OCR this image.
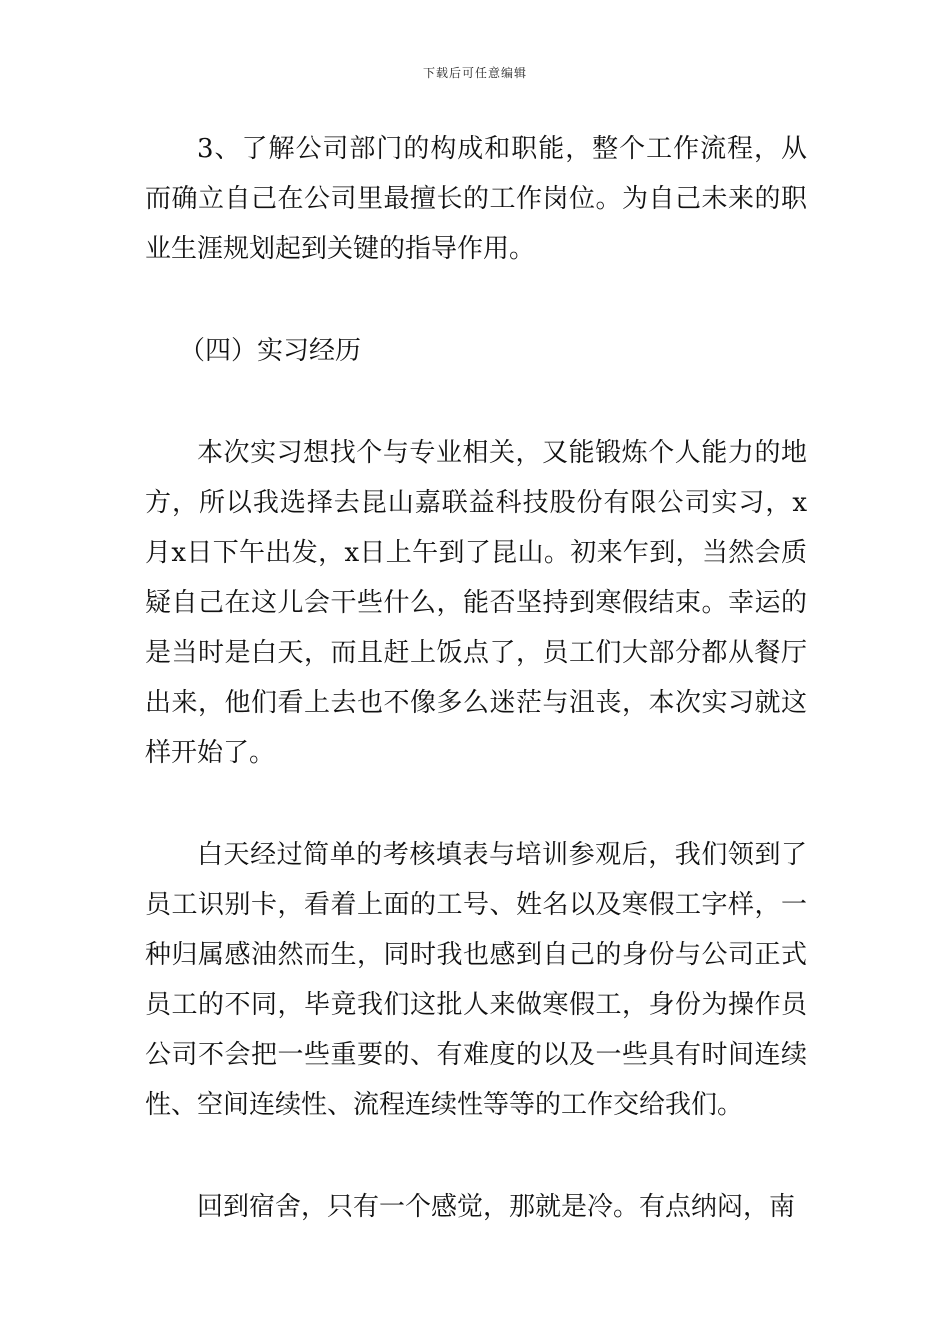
下载后可任意编辑

3、了解公司部门的构成和职能，整个工作流程，从而确立自己在公司里最擅长的工作岗位。为自己未来的职业生涯规划起到关键的指导作用。

（四）实习经历

本次实习想找个与专业相关，又能锻炼个人能力的地方，所以我选择去昆山嘉联益科技股份有限公司实习，x月x日下午出发，x日上午到了昆山。初来乍到，当然会质疑自己在这儿会干些什么，能否坚持到寒假结束。幸运的是当时是白天，而且赶上饭点了，员工们大部分都从餐厅出来，他们看上去也不像多么迷茫与沮丧，本次实习就这样开始了。

白天经过简单的考核填表与培训参观后，我们领到了员工识别卡，看着上面的工号、姓名以及寒假工字样，一种归属感油然而生，同时我也感到自己的身份与公司正式员工的不同，毕竟我们这批人来做寒假工，身份为操作员公司不会把一些重要的、有难度的以及一些具有时间连续性、空间连续性、流程连续性等等的工作交给我们。

回到宿舍，只有一个感觉，那就是冷。有点纳闷，南
